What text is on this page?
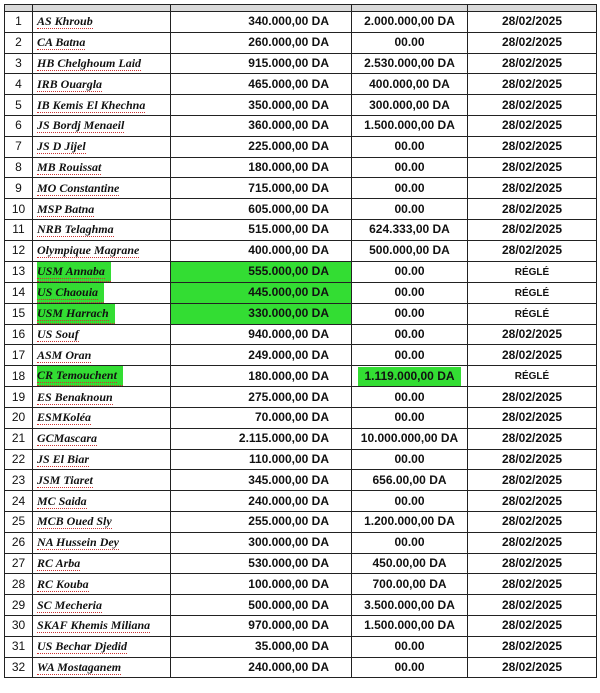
1	AS Khroub	340.000,00 DA	2.000.000,00 DA	28/02/2025
2	CA Batna	260.000,00 DA	00.00	28/02/2025
3	HB Chelghoum Laid	915.000,00 DA	2.530.000,00 DA	28/02/2025
4	IRB Ouargla	465.000,00 DA	400.000,00 DA	28/02/2025
5	IB Kemis El Khechna	350.000,00 DA	300.000,00 DA	28/02/2025
6	JS Bordj Menaeil	360.000,00 DA	1.500.000,00 DA	28/02/2025
7	JS D Jijel	225.000,00 DA	00.00	28/02/2025
8	MB Rouissat	180.000,00 DA	00.00	28/02/2025
9	MO Constantine	715.000,00 DA	00.00	28/02/2025
10	MSP Batna	605.000,00 DA	00.00	28/02/2025
11	NRB Telaghma	515.000,00 DA	624.333,00 DA	28/02/2025
12	Olympique Magrane	400.000,00 DA	500.000,00 DA	28/02/2025
13	USM Annaba	555.000,00 DA	00.00	RÉGLÉ
14	US Chaouia	445.000,00 DA	00.00	RÉGLÉ
15	USM Harrach	330.000,00 DA	00.00	RÉGLÉ
16	US Souf	940.000,00 DA	00.00	28/02/2025
17	ASM Oran	249.000,00 DA	00.00	28/02/2025
18	CR Temouchent	180.000,00 DA	1.119.000,00 DA	RÉGLÉ
19	ES Benaknoun	275.000,00 DA	00.00	28/02/2025
20	ESMKoléa	70.000,00 DA	00.00	28/02/2025
21	GCMascara	2.115.000,00 DA	10.000.000,00 DA	28/02/2025
22	JS El Biar	110.000,00 DA	00.00	28/02/2025
23	JSM Tiaret	345.000,00 DA	656.00,00 DA	28/02/2025
24	MC Saida	240.000,00 DA	00.00	28/02/2025
25	MCB Oued Sly	255.000,00 DA	1.200.000,00 DA	28/02/2025
26	NA Hussein Dey	300.000,00 DA	00.00	28/02/2025
27	RC Arba	530.000,00 DA	450.00,00 DA	28/02/2025
28	RC Kouba	100.000,00 DA	700.00,00 DA	28/02/2025
29	SC Mecheria	500.000,00 DA	3.500.000,00 DA	28/02/2025
30	SKAF Khemis Miliana	970.000,00 DA	1.500.000,00 DA	28/02/2025
31	US Bechar Djedid	35.000,00 DA	00.00	28/02/2025
32	WA Mostaganem	240.000,00 DA	00.00	28/02/2025
